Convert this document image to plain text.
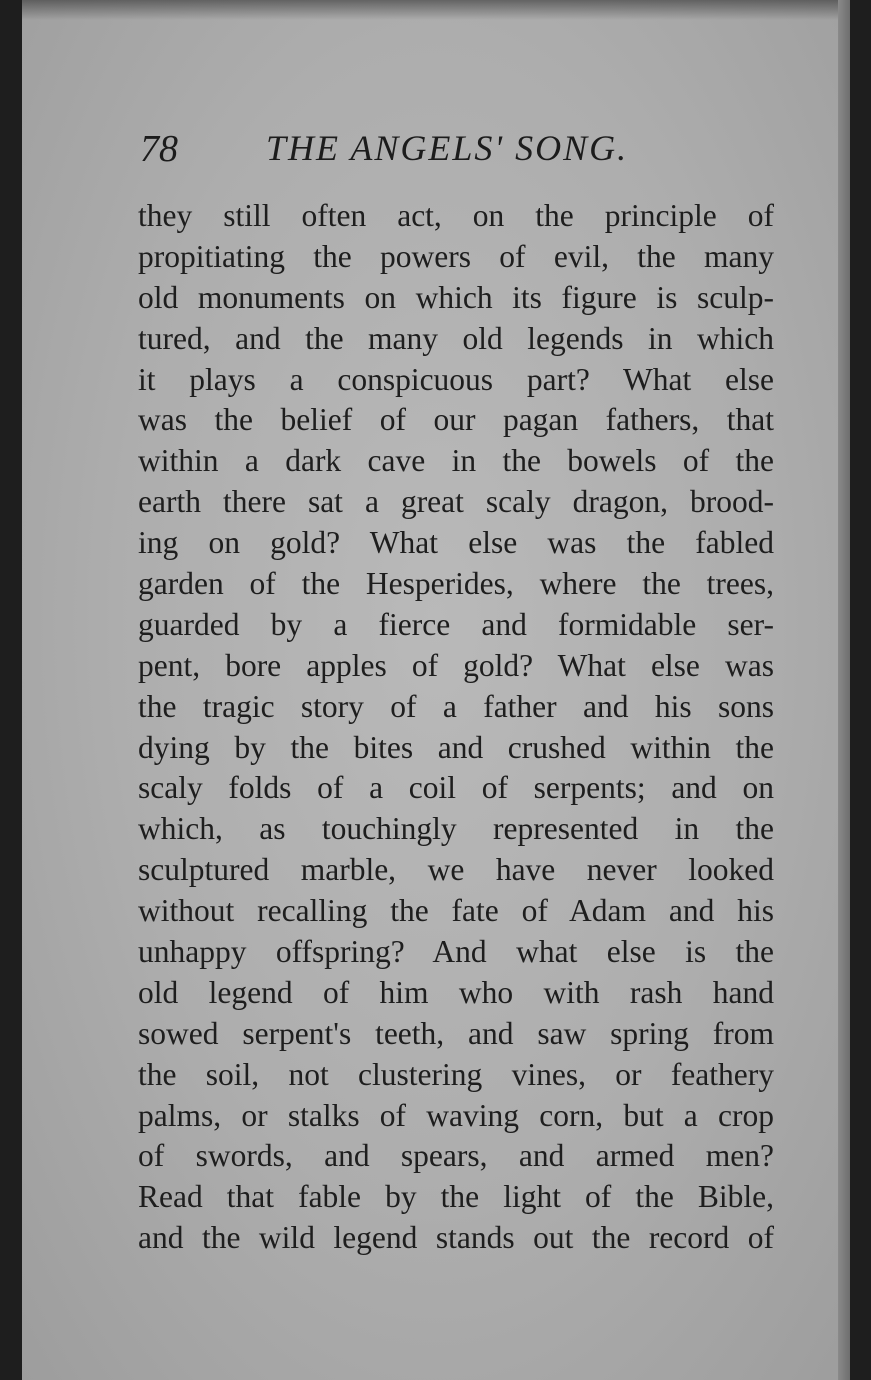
78 THE ANGELS' SONG.
they still often act, on the principle of
propitiating the powers of evil, the many
old monuments on which its figure is sculp-
tured, and the many old legends in which
it plays a conspicuous part? What else
was the belief of our pagan fathers, that
within a dark cave in the bowels of the
earth there sat a great scaly dragon, brood-
ing on gold? What else was the fabled
garden of the Hesperides, where the trees,
guarded by a fierce and formidable ser-
pent, bore apples of gold? What else was
the tragic story of a father and his sons
dying by the bites and crushed within the
scaly folds of a coil of serpents; and on
which, as touchingly represented in the
sculptured marble, we have never looked
without recalling the fate of Adam and his
unhappy offspring? And what else is the
old legend of him who with rash hand
sowed serpent's teeth, and saw spring from
the soil, not clustering vines, or feathery
palms, or stalks of waving corn, but a crop
of swords, and spears, and armed men?
Read that fable by the light of the Bible,
and the wild legend stands out the record of
